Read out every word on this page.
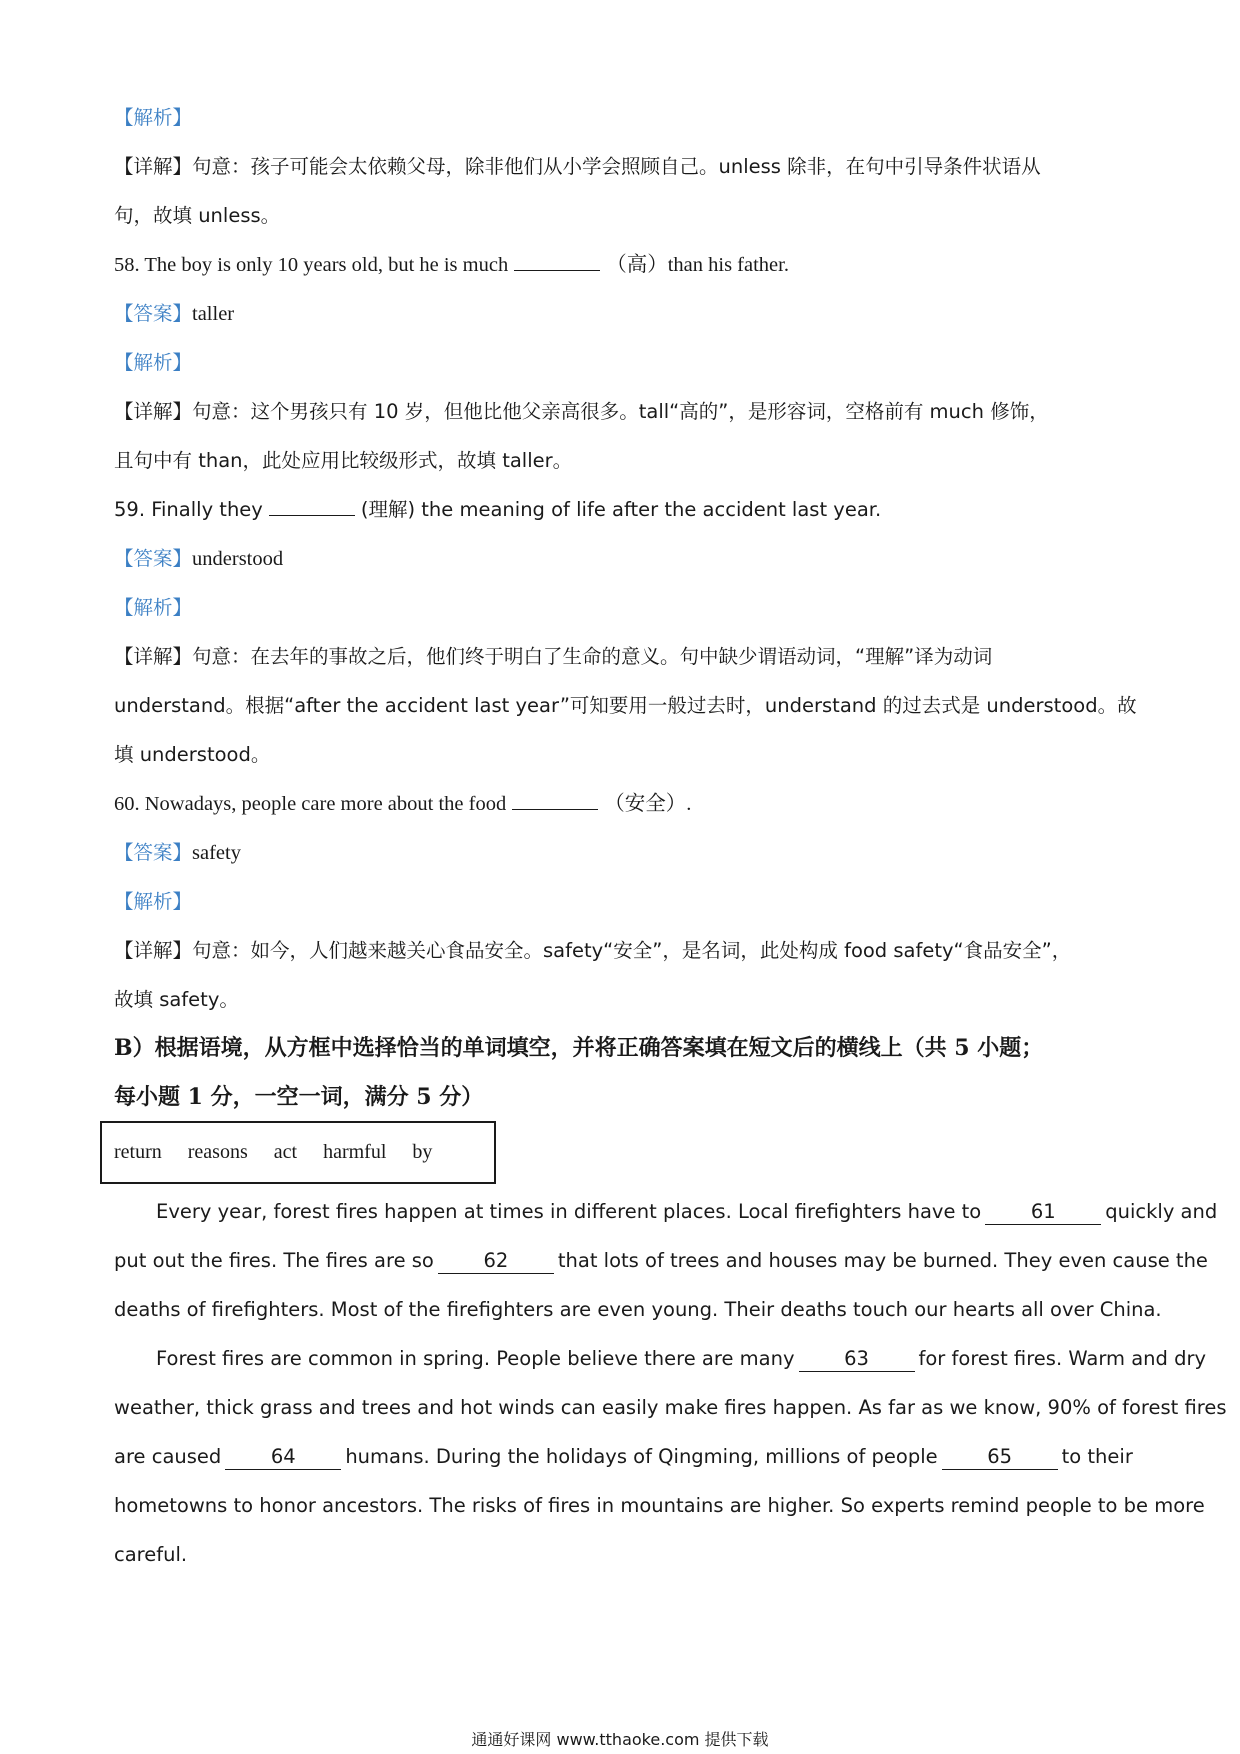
【解析】
【详解】句意：孩子可能会太依赖父母，除非他们从小学会照顾自己。unless 除非，在句中引导条件状语从
句，故填 unless。
58. The boy is only 10 years old, but he is much	（高）than his father.
【答案】taller
【解析】
【详解】句意：这个男孩只有 10 岁，但他比他父亲高很多。tall“高的”，是形容词，空格前有 much 修饰，
且句中有 than，此处应用比较级形式，故填 taller。
59. Finally they	(理解) the meaning of life after the accident last year.
【答案】understood
【解析】
【详解】句意：在去年的事故之后，他们终于明白了生命的意义。句中缺少谓语动词，“理解”译为动词
understand。根据“after the accident last year”可知要用一般过去时，understand 的过去式是 understood。故
填 understood。
60. Nowadays, people care more about the food	（安全）.
【答案】safety
【解析】
【详解】句意：如今，人们越来越关心食品安全。safety“安全”，是名词，此处构成 food safety“食品安全”，
故填 safety。
B）根据语境，从方框中选择恰当的单词填空，并将正确答案填在短文后的横线上（共 5 小题；
每小题 1 分，一空一词，满分 5 分）
return reasons act harmful by
Every year, forest fires happen at times in different places. Local firefighters have to	61	quickly and
put out the fires. The fires are so	62	that lots of trees and houses may be burned. They even cause the
deaths of firefighters. Most of the firefighters are even young. Their deaths touch our hearts all over China.
Forest fires are common in spring. People believe there are many	63	for forest fires. Warm and dry
weather, thick grass and trees and hot winds can easily make fires happen. As far as we know, 90% of forest fires
are caused	64	humans. During the holidays of Qingming, millions of people	65	to their
hometowns to honor ancestors. The risks of fires in mountains are higher. So experts remind people to be more
careful.
通通好课网 www.tthaoke.com 提供下载
